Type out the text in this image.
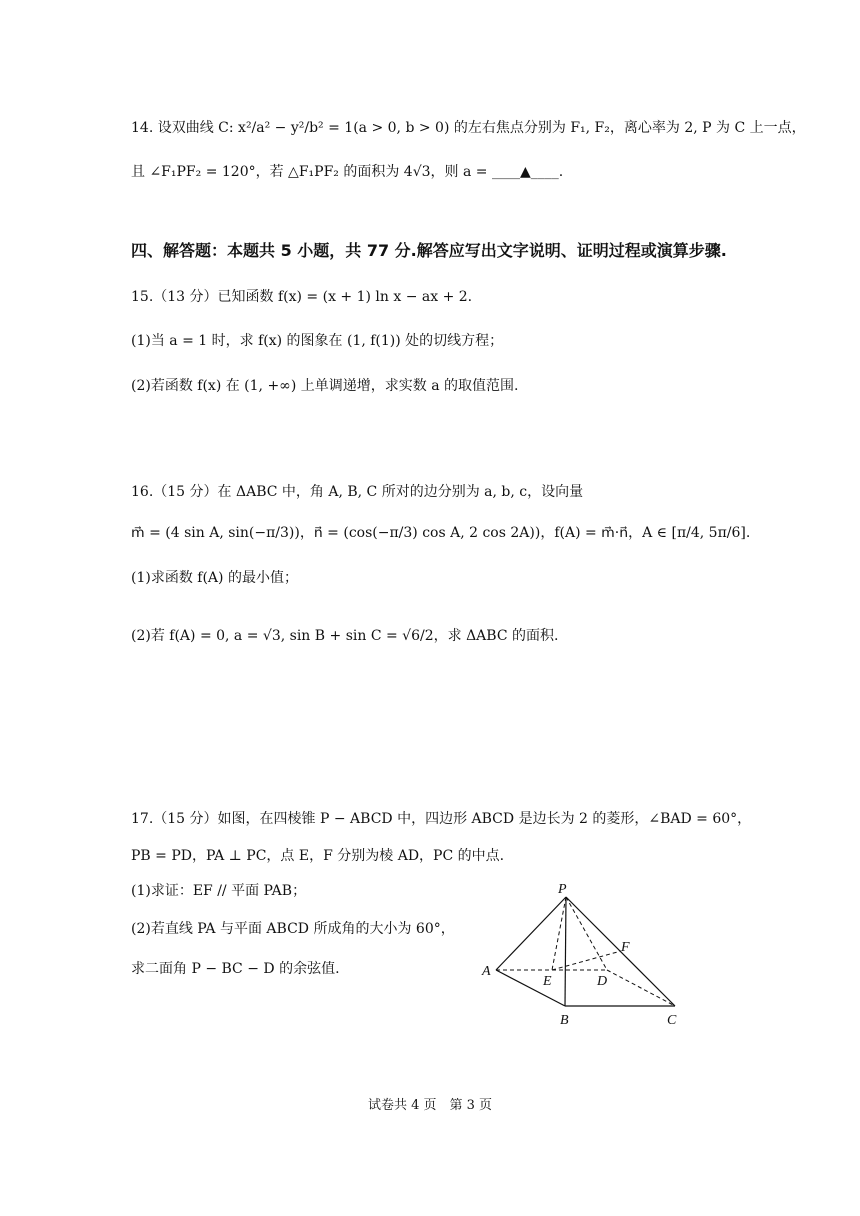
14. 设双曲线 C: x²/a² − y²/b² = 1(a > 0, b > 0) 的左右焦点分别为 F₁, F₂，离心率为 2, P 为 C 上一点，
且 ∠F₁PF₂ = 120°，若 △F₁PF₂ 的面积为 4√3，则 a = ____▲____.
四、解答题：本题共 5 小题，共 77 分.解答应写出文字说明、证明过程或演算步骤.
15.（13 分）已知函数 f(x) = (x + 1) ln x − ax + 2.
(1)当 a = 1 时，求 f(x) 的图象在 (1, f(1)) 处的切线方程；
(2)若函数 f(x) 在 (1, +∞) 上单调递增，求实数 a 的取值范围.
16.（15 分）在 ΔABC 中，角 A, B, C 所对的边分别为 a, b, c，设向量
m⃗ = (4 sin A, sin(−π/3))，n⃗ = (cos(−π/3) cos A, 2 cos 2A))，f(A) = m⃗·n⃗，A ∈ [π/4, 5π/6].
(1)求函数 f(A) 的最小值；
(2)若 f(A) = 0, a = √3, sin B + sin C = √6/2，求 ΔABC 的面积.
17.（15 分）如图，在四棱锥 P − ABCD 中，四边形 ABCD 是边长为 2 的菱形，∠BAD = 60°，
PB = PD，PA ⊥ PC，点 E，F 分别为棱 AD，PC 的中点.
(1)求证：EF // 平面 PAB；
(2)若直线 PA 与平面 ABCD 所成角的大小为 60°，
求二面角 P − BC − D 的余弦值.
P
A
B	C
D
E
F
试卷共 4 页　第 3 页
